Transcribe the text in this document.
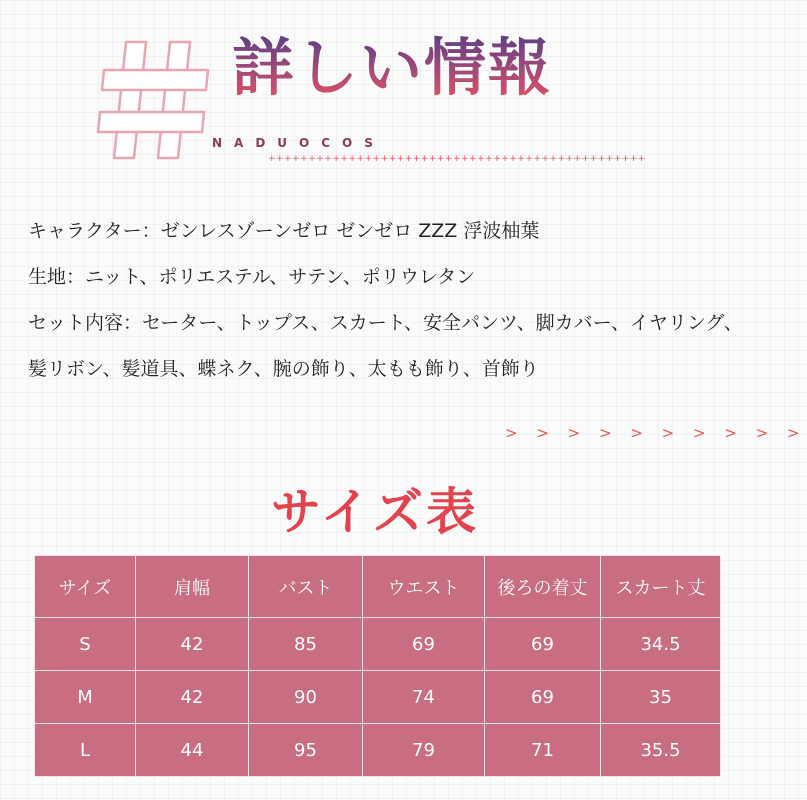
詳しい情報
NADUOCOS
+++++++++++++++++++++++++++++++++++++++++++++++

キャラクター：ゼンレスゾーンゼロ ゼンゼロ ZZZ 浮波柚葉

生地：ニット、ポリエステル、サテン、ポリウレタン

セット内容：セーター、トップス、スカート、安全パンツ、脚カバー、イヤリング、

髪リボン、髪道具、蝶ネク、腕の飾り、太もも飾り、首飾り

> > > > > > > > > >
サイズ表
サイズ	肩幅	バスト	ウエスト	後ろの着丈	スカート丈
S	42	85	69	69	34.5
M	42	90	74	69	35
L	44	95	79	71	35.5
